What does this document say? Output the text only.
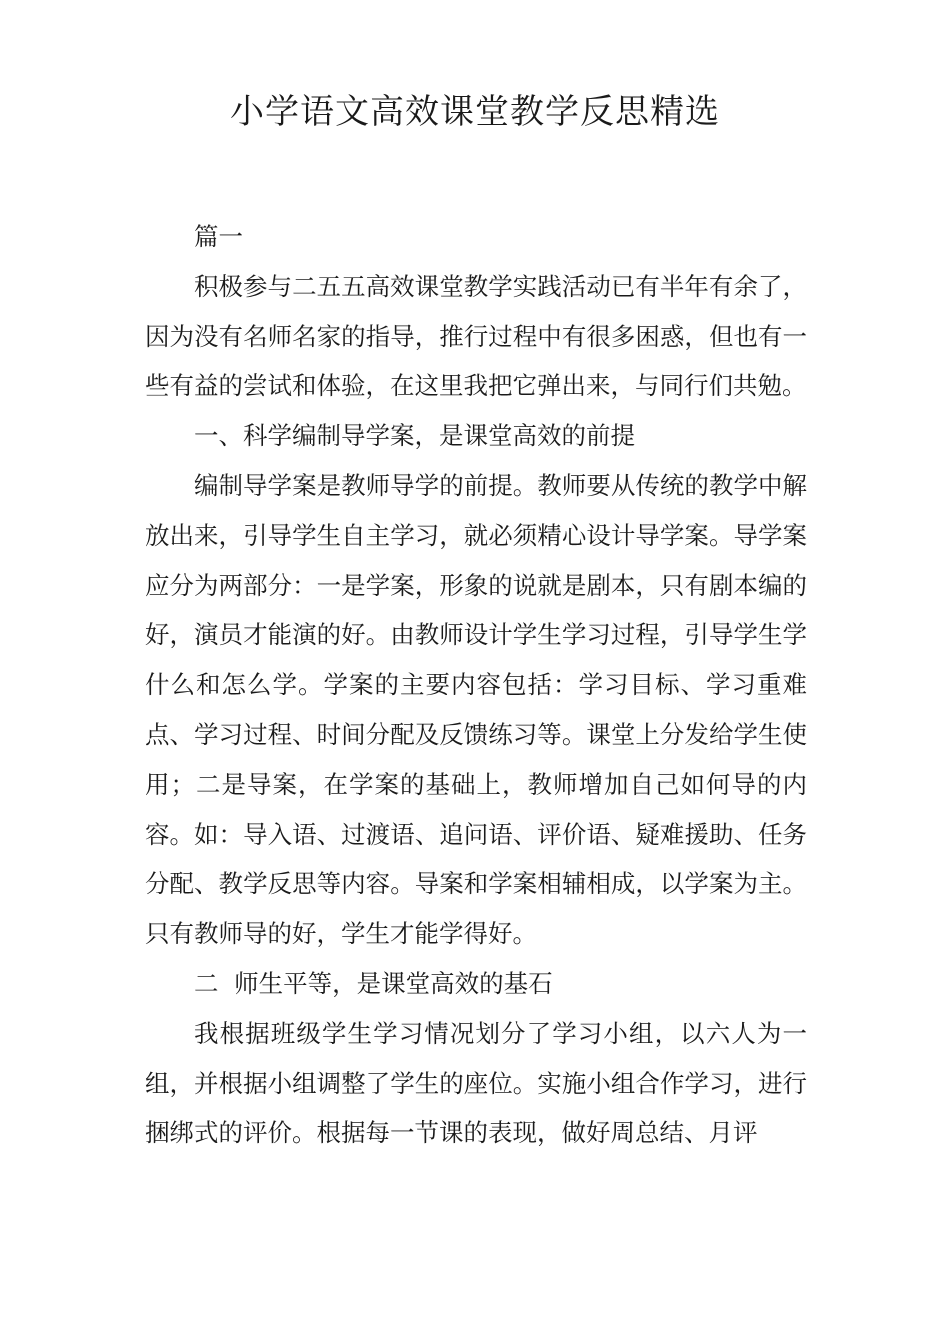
小学语文高效课堂教学反思精选

篇一

积极参与二五五高效课堂教学实践活动已有半年有余了，因为没有名师名家的指导，推行过程中有很多困惑，但也有一些有益的尝试和体验，在这里我把它弹出来，与同行们共勉。

一、科学编制导学案，是课堂高效的前提

编制导学案是教师导学的前提。教师要从传统的教学中解放出来，引导学生自主学习，就必须精心设计导学案。导学案应分为两部分：一是学案，形象的说就是剧本，只有剧本编的好，演员才能演的好。由教师设计学生学习过程，引导学生学什么和怎么学。学案的主要内容包括：学习目标、学习重难点、学习过程、时间分配及反馈练习等。课堂上分发给学生使用；二是导案，在学案的基础上，教师增加自己如何导的内容。如：导入语、过渡语、追问语、评价语、疑难援助、任务分配、教学反思等内容。导案和学案相辅相成，以学案为主。只有教师导的好，学生才能学得好。

二  师生平等，是课堂高效的基石

我根据班级学生学习情况划分了学习小组，以六人为一组，并根据小组调整了学生的座位。实施小组合作学习，进行捆绑式的评价。根据每一节课的表现，做好周总结、月评
